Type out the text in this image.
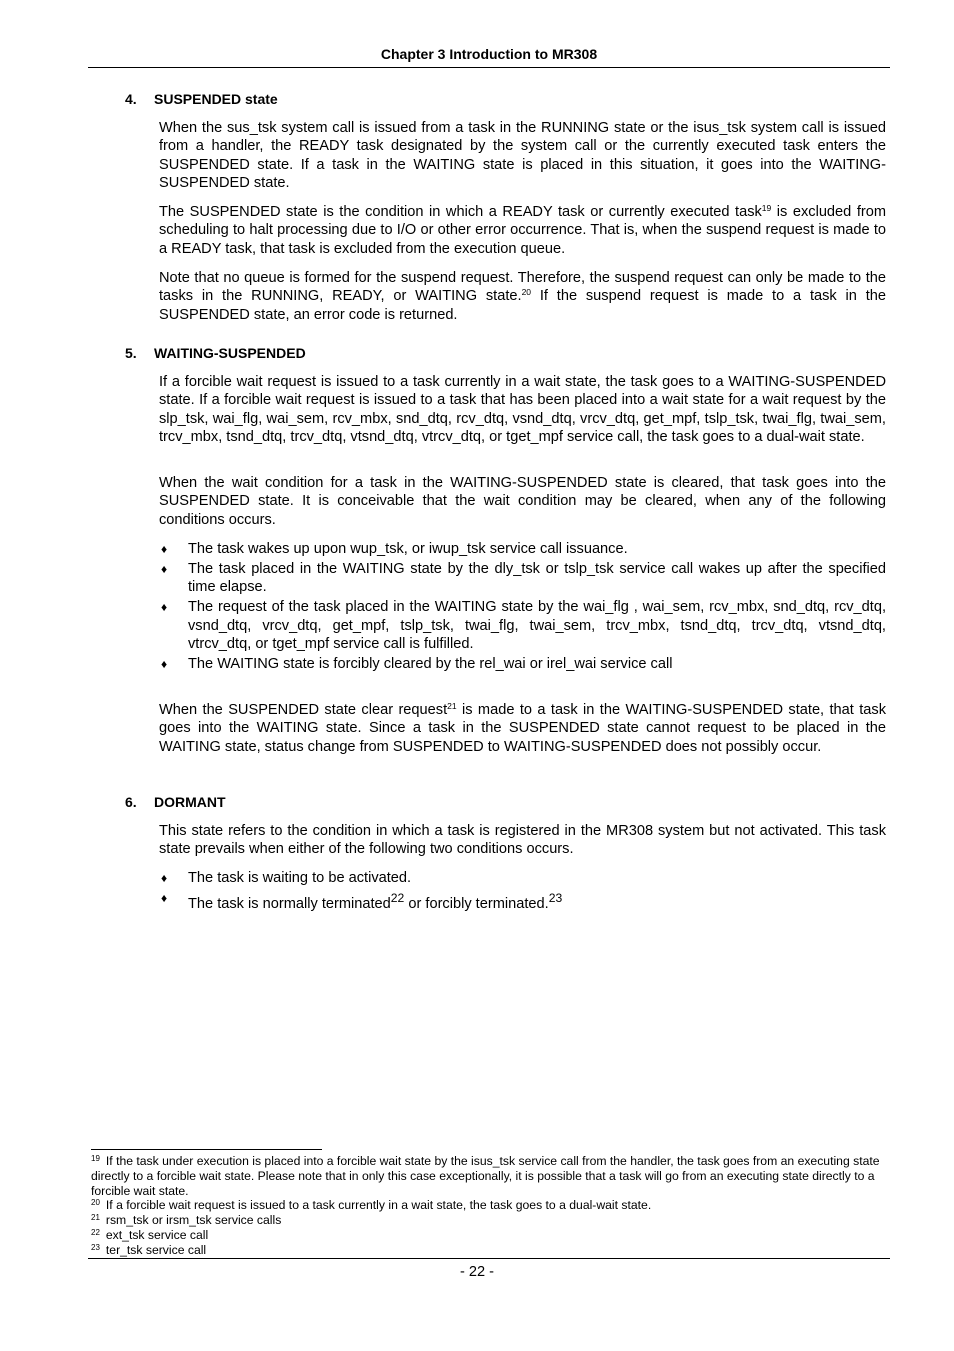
Chapter 3 Introduction to MR308
4. SUSPENDED state

When the sus_tsk system call is issued from a task in the RUNNING state or the isus_tsk system call is issued from a handler, the READY task designated by the system call or the currently executed task enters the SUSPENDED state. If a task in the WAITING state is placed in this situation, it goes into the WAITING-SUSPENDED state.

The SUSPENDED state is the condition in which a READY task or currently executed task$^{19}$ is excluded from scheduling to halt processing due to I/O or other error occurrence. That is, when the suspend request is made to a READY task, that task is excluded from the execution queue.

Note that no queue is formed for the suspend request. Therefore, the suspend request can only be made to the tasks in the RUNNING, READY, or WAITING state.$^{20}$ If the suspend request is made to a task in the SUSPENDED state, an error code is returned.

5. WAITING-SUSPENDED

If a forcible wait request is issued to a task currently in a wait state, the task goes to a WAITING-SUSPENDED state. If a forcible wait request is issued to a task that has been placed into a wait state for a wait request by the slp_tsk, wai_flg, wai_sem, rcv_mbx, snd_dtq, rcv_dtq, vsnd_dtq, vrcv_dtq, get_mpf, tslp_tsk, twai_flg, twai_sem, trcv_mbx, tsnd_dtq, trcv_dtq, vtsnd_dtq, vtrcv_dtq, or tget_mpf service call, the task goes to a dual-wait state.

When the wait condition for a task in the WAITING-SUSPENDED state is cleared, that task goes into the SUSPENDED state. It is conceivable that the wait condition may be cleared, when any of the following conditions occurs.

♦ The task wakes up upon wup_tsk, or iwup_tsk service call issuance.
♦ The task placed in the WAITING state by the dly_tsk or tslp_tsk service call wakes up after the specified time elapse.
♦ The request of the task placed in the WAITING state by the wai_flg , wai_sem, rcv_mbx, snd_dtq, rcv_dtq, vsnd_dtq, vrcv_dtq, get_mpf, tslp_tsk, twai_flg, twai_sem, trcv_mbx, tsnd_dtq, trcv_dtq, vtsnd_dtq, vtrcv_dtq, or tget_mpf service call is fulfilled.
♦ The WAITING state is forcibly cleared by the rel_wai or irel_wai service call

When the SUSPENDED state clear request$^{21}$ is made to a task in the WAITING-SUSPENDED state, that task goes into the WAITING state. Since a task in the SUSPENDED state cannot request to be placed in the WAITING state, status change from SUSPENDED to WAITING-SUSPENDED does not possibly occur.

6. DORMANT

This state refers to the condition in which a task is registered in the MR308 system but not activated. This task state prevails when either of the following two conditions occurs.

♦ The task is waiting to be activated.
♦ The task is normally terminated$^{22}$ or forcibly terminated.$^{23}$

$^{19}$ If the task under execution is placed into a forcible wait state by the isus_tsk service call from the handler, the task goes from an executing state directly to a forcible wait state. Please note that in only this case exceptionally, it is possible that a task will go from an executing state directly to a forcible wait state.

$^{20}$ If a forcible wait request is issued to a task currently in a wait state, the task goes to a dual-wait state.

$^{21}$ rsm_tsk or irsm_tsk service calls

$^{22}$ ext_tsk service call

$^{23}$ ter_tsk service call

- 22 -
